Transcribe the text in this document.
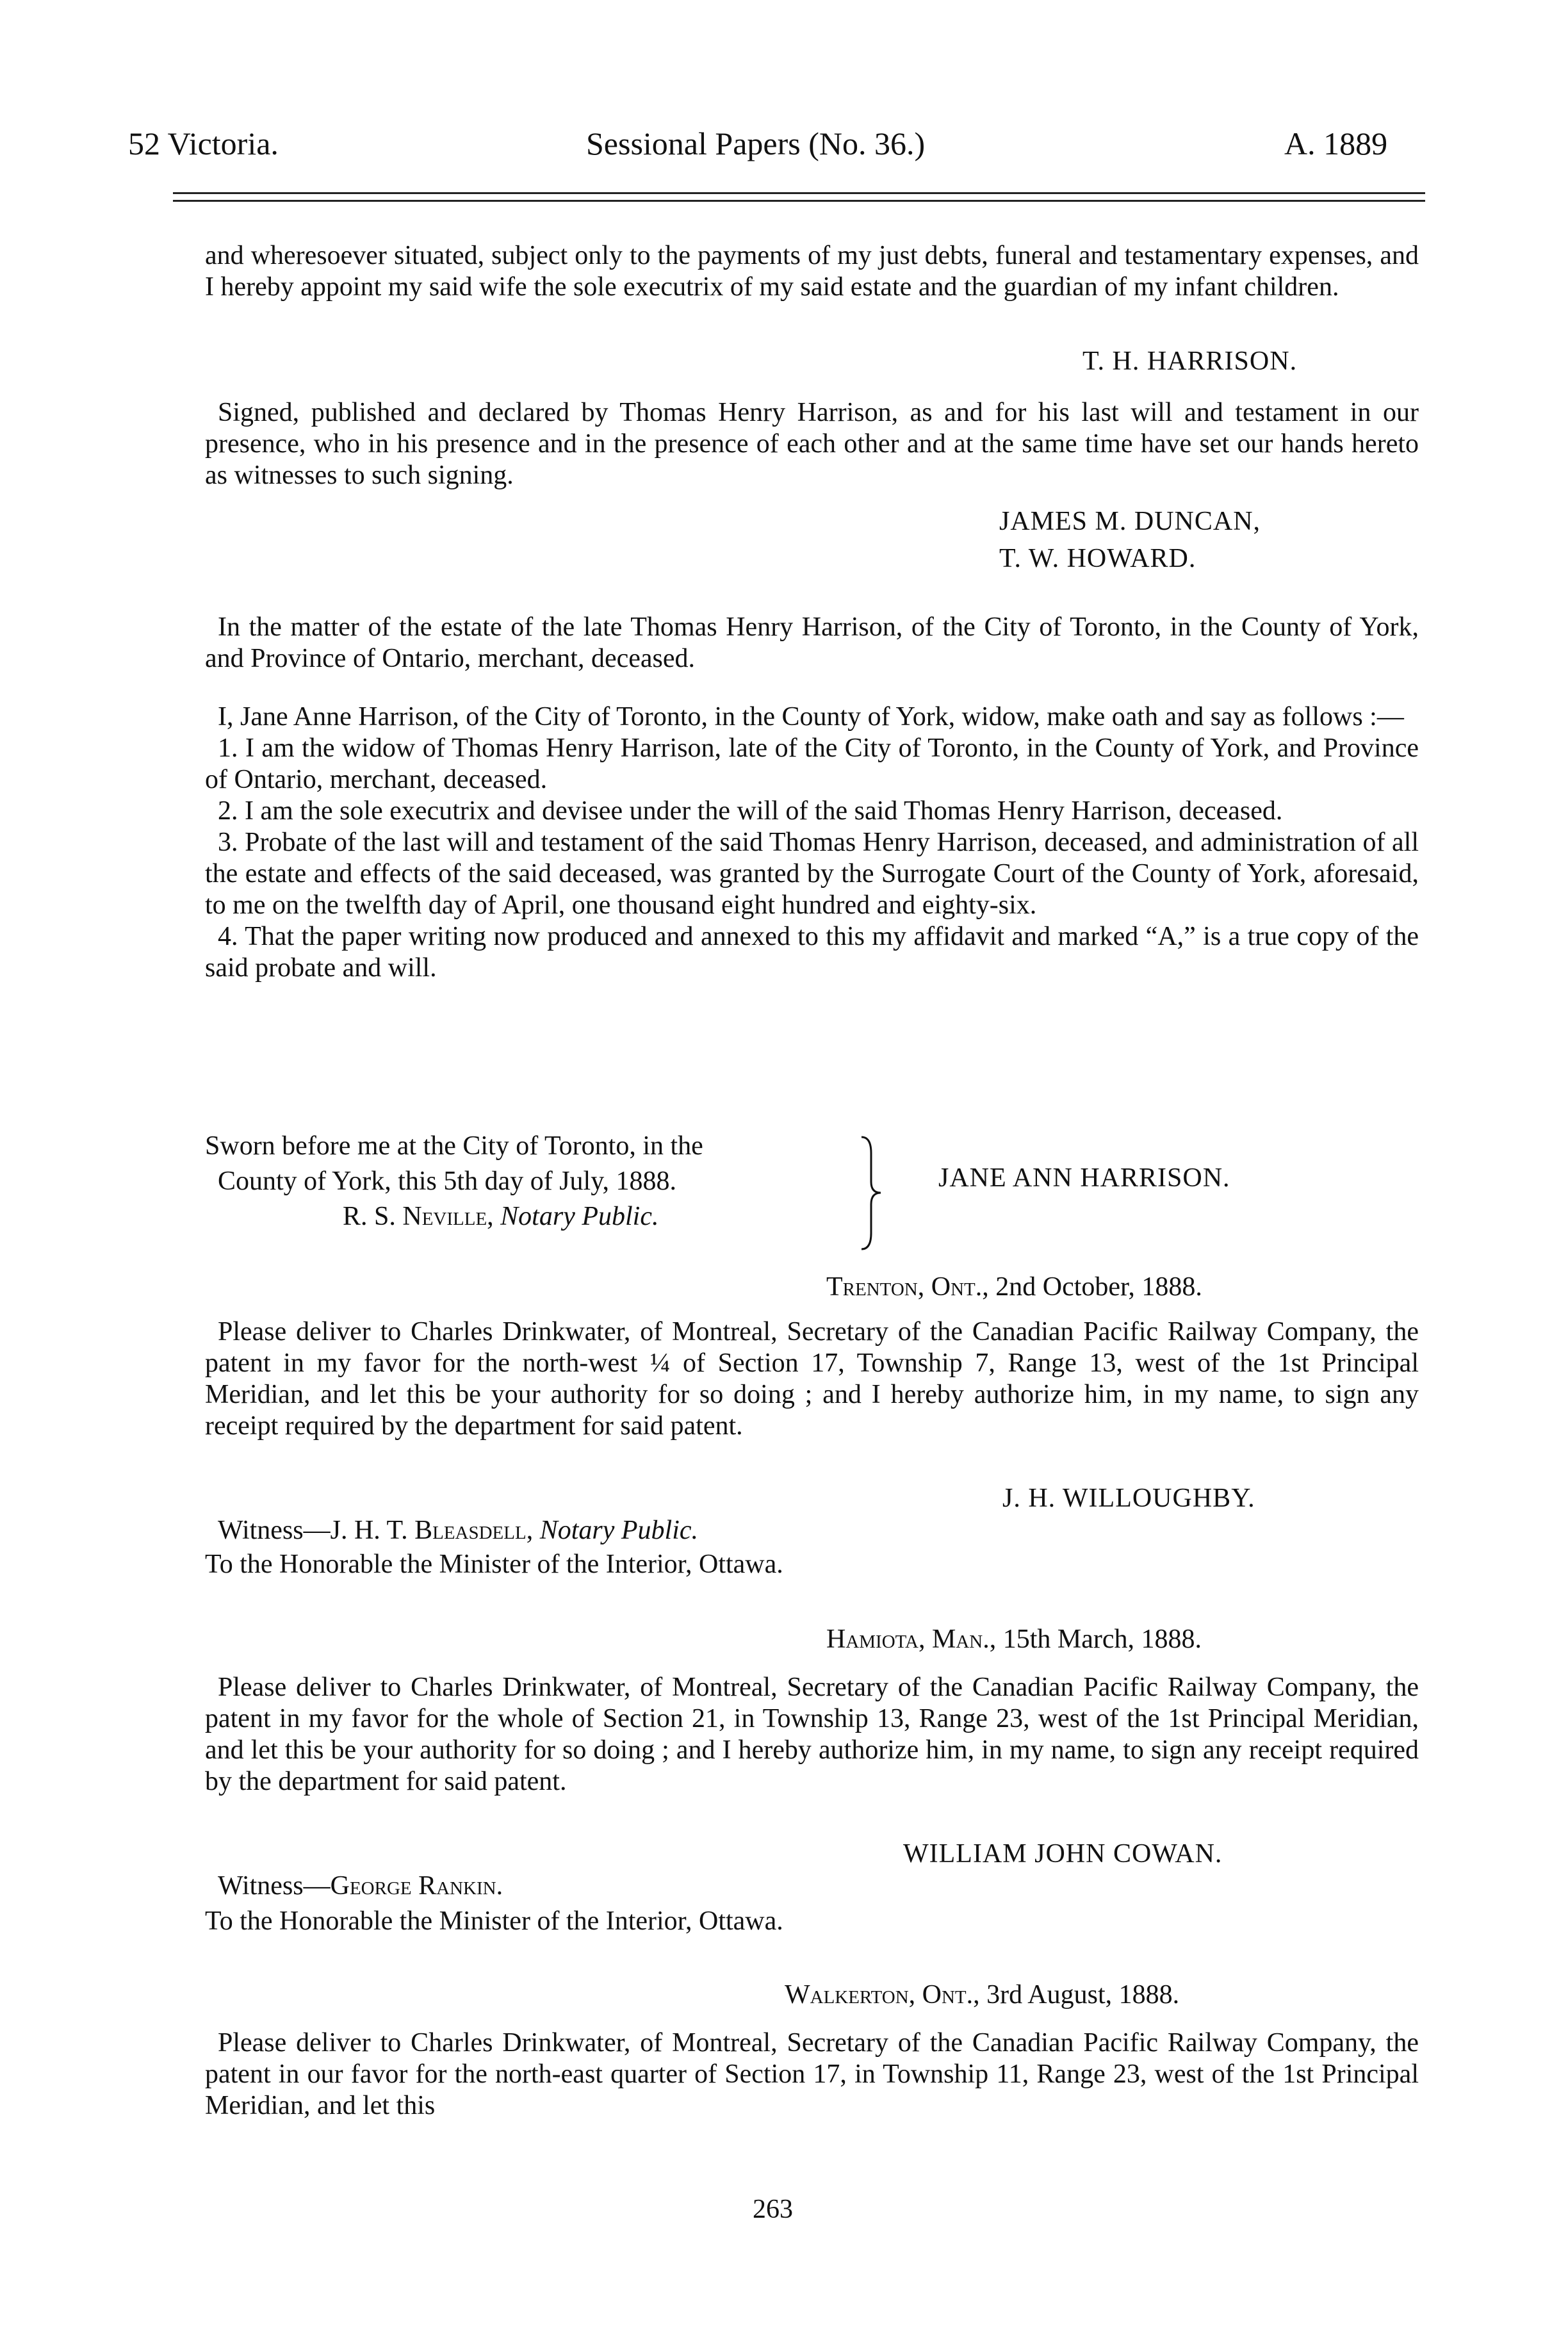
52 Victoria.	Sessional Papers (No. 36.)	A. 1889

and wheresoever situated, subject only to the payments of my just debts, funeral and testamentary expenses, and I hereby appoint my said wife the sole executrix of my said estate and the guardian of my infant children.

T. H. HARRISON.

Signed, published and declared by Thomas Henry Harrison, as and for his last will and testament in our presence, who in his presence and in the presence of each other and at the same time have set our hands hereto as witnesses to such signing.

JAMES M. DUNCAN,
T. W. HOWARD.

In the matter of the estate of the late Thomas Henry Harrison, of the City of Toronto, in the County of York, and Province of Ontario, merchant, deceased.

I, Jane Anne Harrison, of the City of Toronto, in the County of York, widow, make oath and say as follows :—

1. I am the widow of Thomas Henry Harrison, late of the City of Toronto, in the County of York, and Province of Ontario, merchant, deceased.

2. I am the sole executrix and devisee under the will of the said Thomas Henry Harrison, deceased.

3. Probate of the last will and testament of the said Thomas Henry Harrison, deceased, and administration of all the estate and effects of the said deceased, was granted by the Surrogate Court of the County of York, aforesaid, to me on the twelfth day of April, one thousand eight hundred and eighty-six.

4. That the paper writing now produced and annexed to this my affidavit and marked “A,” is a true copy of the said probate and will.

Sworn before me at the City of Toronto, in the
County of York, this 5th day of July, 1888.
R. S. Neville, Notary Public.
JANE ANN HARRISON.
Trenton, Ont., 2nd October, 1888.

Please deliver to Charles Drinkwater, of Montreal, Secretary of the Canadian Pacific Railway Company, the patent in my favor for the north-west ¼ of Section 17, Township 7, Range 13, west of the 1st Principal Meridian, and let this be your authority for so doing ; and I hereby authorize him, in my name, to sign any receipt required by the department for said patent.

J. H. WILLOUGHBY.
Witness—J. H. T. Bleasdell, Notary Public.
To the Honorable the Minister of the Interior, Ottawa.
Hamiota, Man., 15th March, 1888.

Please deliver to Charles Drinkwater, of Montreal, Secretary of the Canadian Pacific Railway Company, the patent in my favor for the whole of Section 21, in Township 13, Range 23, west of the 1st Principal Meridian, and let this be your authority for so doing ; and I hereby authorize him, in my name, to sign any receipt required by the department for said patent.

WILLIAM JOHN COWAN.
Witness—George Rankin.
To the Honorable the Minister of the Interior, Ottawa.
Walkerton, Ont., 3rd August, 1888.

Please deliver to Charles Drinkwater, of Montreal, Secretary of the Canadian Pacific Railway Company, the patent in our favor for the north-east quarter of Section 17, in Township 11, Range 23, west of the 1st Principal Meridian, and let this

263
